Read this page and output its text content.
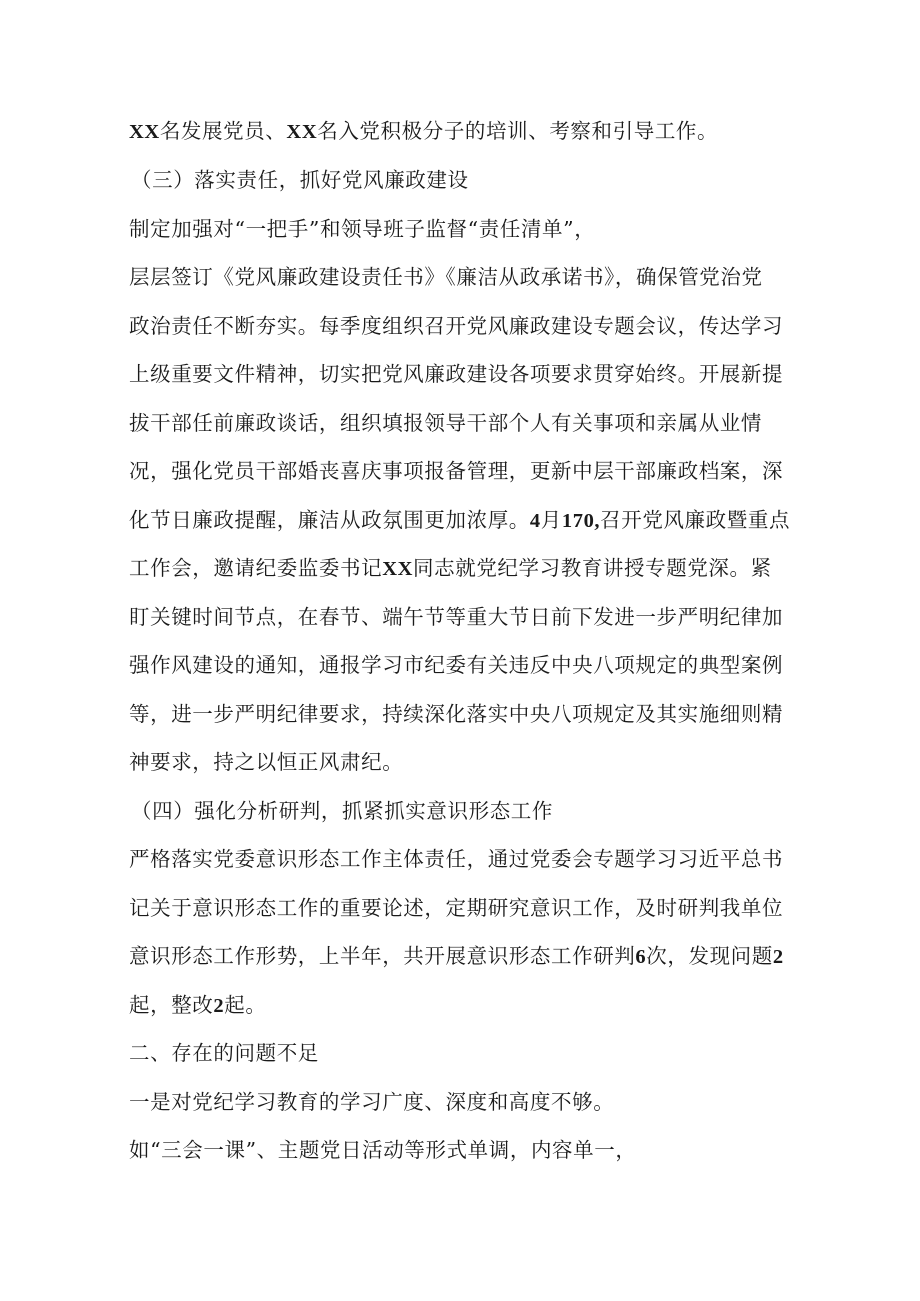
XX名发展党员、XX名入党积极分子的培训、考察和引导工作。
（三）落实责任，抓好党风廉政建设
制定加强对“一把手”和领导班子监督“责任清单”，
层层签订《党风廉政建设责任书》《廉洁从政承诺书》，确保管党治党
政治责任不断夯实。每季度组织召开党风廉政建设专题会议，传达学习
上级重要文件精神，切实把党风廉政建设各项要求贯穿始终。开展新提
拔干部任前廉政谈话，组织填报领导干部个人有关事项和亲属从业情
况，强化党员干部婚丧喜庆事项报备管理，更新中层干部廉政档案，深
化节日廉政提醒，廉洁从政氛围更加浓厚。4月170,召开党风廉政暨重点
工作会，邀请纪委监委书记XX同志就党纪学习教育讲授专题党深。紧
盯关键时间节点，在春节、端午节等重大节日前下发进一步严明纪律加
强作风建设的通知，通报学习市纪委有关违反中央八项规定的典型案例
等，进一步严明纪律要求，持续深化落实中央八项规定及其实施细则精
神要求，持之以恒正风肃纪。
（四）强化分析研判，抓紧抓实意识形态工作
严格落实党委意识形态工作主体责任，通过党委会专题学习习近平总书
记关于意识形态工作的重要论述，定期研究意识工作，及时研判我单位
意识形态工作形势，上半年，共开展意识形态工作研判6次，发现问题2
起，整改2起。
二、存在的问题不足
一是对党纪学习教育的学习广度、深度和高度不够。
如“三会一课”、主题党日活动等形式单调，内容单一，
